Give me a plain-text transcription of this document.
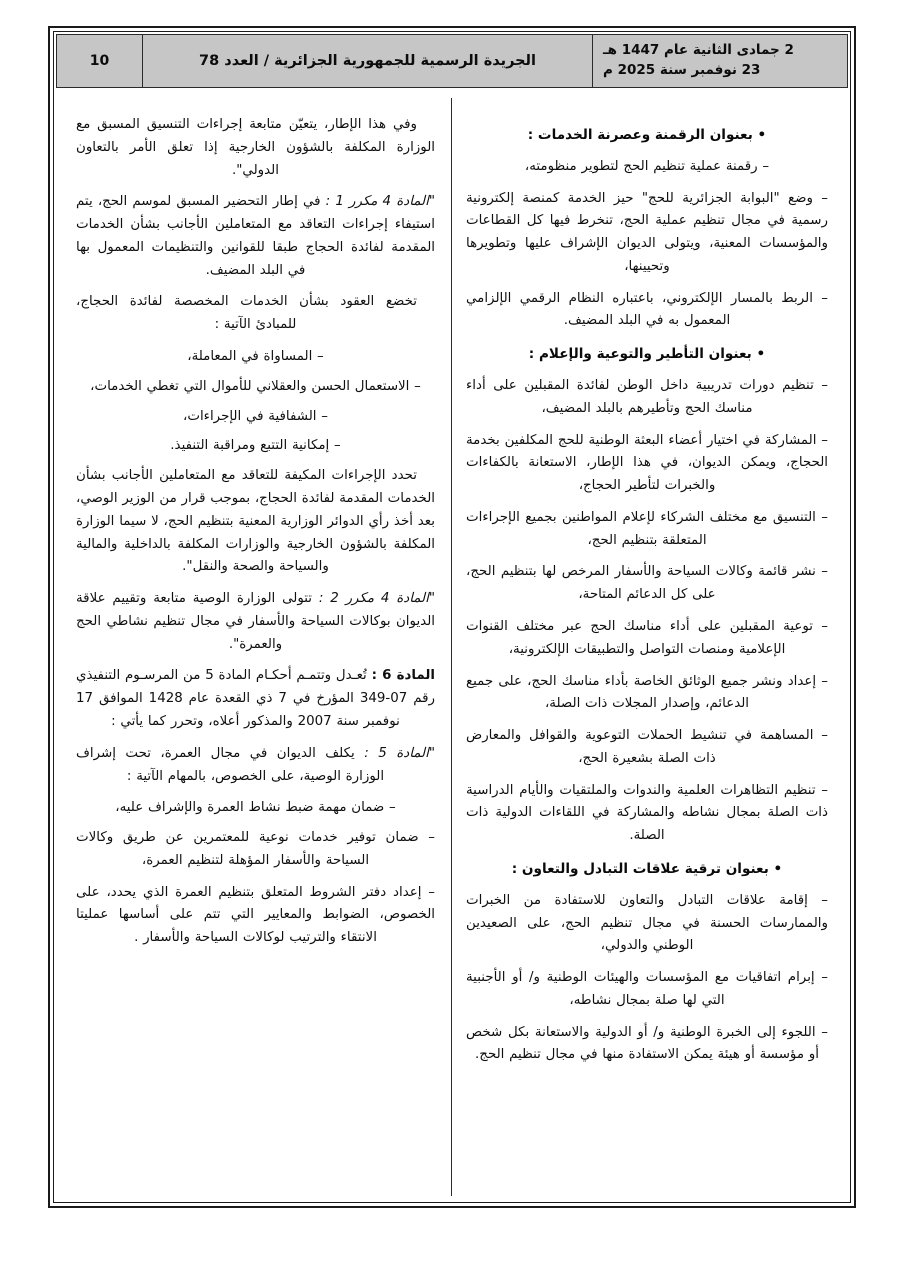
2 جمادى الثانية عام 1447 هـ
23 نوفمبر سنة 2025 م
الجريدة الرسمية للجمهورية الجزائرية / العدد 78
10
• بعنوان الرقمنة وعصرنة الخدمات :

– رقمنة عملية تنظيم الحج لتطوير منظومته،

– وضع "البوابة الجزائرية للحج" حيز الخدمة كمنصة إلكترونية رسمية في مجال تنظيم عملية الحج، تنخرط فيها كل القطاعات والمؤسسات المعنية، ويتولى الديوان الإشراف عليها وتطويرها وتحيينها،

– الربط بالمسار الإلكتروني، باعتباره النظام الرقمي الإلزامي المعمول به في البلد المضيف.

• بعنوان التأطير والتوعية والإعلام :

– تنظيم دورات تدريبية داخل الوطن لفائدة المقبلين على أداء مناسك الحج وتأطيرهم بالبلد المضيف،

– المشاركة في اختيار أعضاء البعثة الوطنية للحج المكلفين بخدمة الحجاج، ويمكن الديوان، في هذا الإطار، الاستعانة بالكفاءات والخبرات لتأطير الحجاج،

– التنسيق مع مختلف الشركاء لإعلام المواطنين بجميع الإجراءات المتعلقة بتنظيم الحج،

– نشر قائمة وكالات السياحة والأسفار المرخص لها بتنظيم الحج، على كل الدعائم المتاحة،

– توعية المقبلين على أداء مناسك الحج عبر مختلف القنوات الإعلامية ومنصات التواصل والتطبيقات الإلكترونية،

– إعداد ونشر جميع الوثائق الخاصة بأداء مناسك الحج، على جميع الدعائم، وإصدار المجلات ذات الصلة،

– المساهمة في تنشيط الحملات التوعوية والقوافل والمعارض ذات الصلة بشعيرة الحج،

– تنظيم التظاهرات العلمية والندوات والملتقيات والأيام الدراسية ذات الصلة بمجال نشاطه والمشاركة في اللقاءات الدولية ذات الصلة.

• بعنوان ترقية علاقات التبادل والتعاون :

– إقامة علاقات التبادل والتعاون للاستفادة من الخبرات والممارسات الحسنة في مجال تنظيم الحج، على الصعيدين الوطني والدولي،

– إبرام اتفاقيات مع المؤسسات والهيئات الوطنية و/ أو الأجنبية التي لها صلة بمجال نشاطه،

– اللجوء إلى الخبرة الوطنية و/ أو الدولية والاستعانة بكل شخص أو مؤسسة أو هيئة يمكن الاستفادة منها في مجال تنظيم الحج.

وفي هذا الإطار، يتعيّن متابعة إجراءات التنسيق المسبق مع الوزارة المكلفة بالشؤون الخارجية إذا تعلق الأمر بالتعاون الدولي".

"المادة 4 مكرر 1 : في إطار التحضير المسبق لموسم الحج، يتم استيفاء إجراءات التعاقد مع المتعاملين الأجانب بشأن الخدمات المقدمة لفائدة الحجاج طبقا للقوانين والتنظيمات المعمول بها في البلد المضيف.

تخضع العقود بشأن الخدمات المخصصة لفائدة الحجاج، للمبادئ الآتية :

– المساواة في المعاملة،

– الاستعمال الحسن والعقلاني للأموال التي تغطي الخدمات،

– الشفافية في الإجراءات،

– إمكانية التتبع ومراقبة التنفيذ.

تحدد الإجراءات المكيفة للتعاقد مع المتعاملين الأجانب بشأن الخدمات المقدمة لفائدة الحجاج، بموجب قرار من الوزير الوصي، بعد أخذ رأي الدوائر الوزارية المعنية بتنظيم الحج، لا سيما الوزارة المكلفة بالشؤون الخارجية والوزارات المكلفة بالداخلية والمالية والسياحة والصحة والنقل".

"المادة 4 مكرر 2 : تتولى الوزارة الوصية متابعة وتقييم علاقة الديوان بوكالات السياحة والأسفار في مجال تنظيم نشاطي الحج والعمرة".

المادة 6 : تُعـدل وتتمـم أحكـام المادة 5 من المرسـوم التنفيذي رقم 07-349 المؤرخ في 7 ذي القعدة عام 1428 الموافق 17 نوفمبر سنة 2007 والمذكور أعلاه، وتحرر كما يأتي :

"المادة 5 : يكلف الديوان في مجال العمرة، تحت إشراف الوزارة الوصية، على الخصوص، بالمهام الآتية :

– ضمان مهمة ضبط نشاط العمرة والإشراف عليه،

– ضمان توفير خدمات نوعية للمعتمرين عن طريق وكالات السياحة والأسفار المؤهلة لتنظيم العمرة،

– إعداد دفتر الشروط المتعلق بتنظيم العمرة الذي يحدد، على الخصوص، الضوابط والمعايير التي تتم على أساسها عمليتا الانتقاء والترتيب لوكالات السياحة والأسفار .
